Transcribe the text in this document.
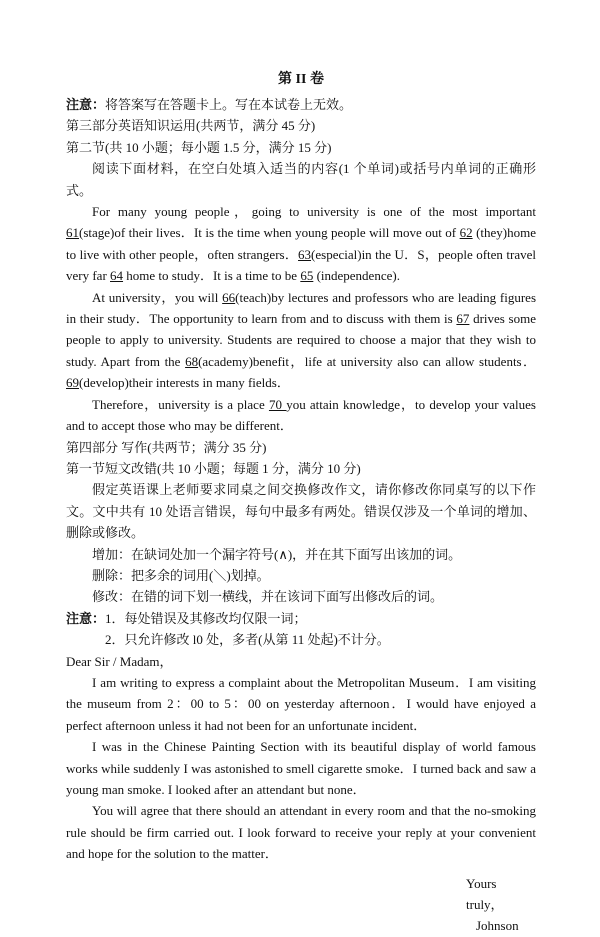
第 II 卷

注意：将答案写在答题卡上。写在本试卷上无效。

第三部分英语知识运用(共两节，满分 45 分)

第二节(共 10 小题；每小题 1.5 分，满分 15 分)

阅读下面材料，在空白处填入适当的内容(1 个单词)或括号内单词的正确形式。

For many young people，going to university is one of the most important 61(stage)of their lives．It is the time when young people will move out of 62 (they)home to live with other people，often strangers．63(especial)in the U．S，people often travel very far 64 home to study．It is a time to be 65 (independence).

At university，you will 66(teach)by lectures and professors who are leading figures in their study．The opportunity to learn from and to discuss with them is 67 drives some people to apply to university. Students are required to choose a major that they wish to study. Apart from the 68(academy)benefit，life at university also can allow students．69(develop)their interests in many fields．

Therefore，university is a place 70 you attain knowledge，to develop your values and to accept those who may be different．

第四部分 写作(共两节；满分 35 分)

第一节短文改错(共 10 小题；每题 1 分，满分 10 分)

假定英语课上老师要求同桌之间交换修改作文，请你修改你同桌写的以下作文。文中共有 10 处语言错误，每句中最多有两处。错误仅涉及一个单词的增加、删除或修改。

增加：在缺词处加一个漏字符号(∧)，并在其下面写出该加的词。

删除：把多余的词用(＼)划掉。

修改：在错的词下划一横线，并在该词下面写出修改后的词。

注意：1．每处错误及其修改均仅限一词；

2．只允许修改 l0 处，多者(从第 11 处起)不计分。

Dear Sir / Madam，

I am writing to express a complaint about the Metropolitan Museum．I am visiting the museum from 2：00 to 5：00 on yesterday afternoon．I would have enjoyed a perfect afternoon unless it had not been for an unfortunate incident．

I was in the Chinese Painting Section with its beautiful display of world famous works while suddenly I was astonished to smell cigarette smoke．I turned back and saw a young man smoke. I looked after an attendant but none．

You will agree that there should an attendant in every room and that the no-smoking rule should be firm carried out. I look forward to receive your reply at your convenient and hope for the solution to the matter．

Yours truly，

Johnson
